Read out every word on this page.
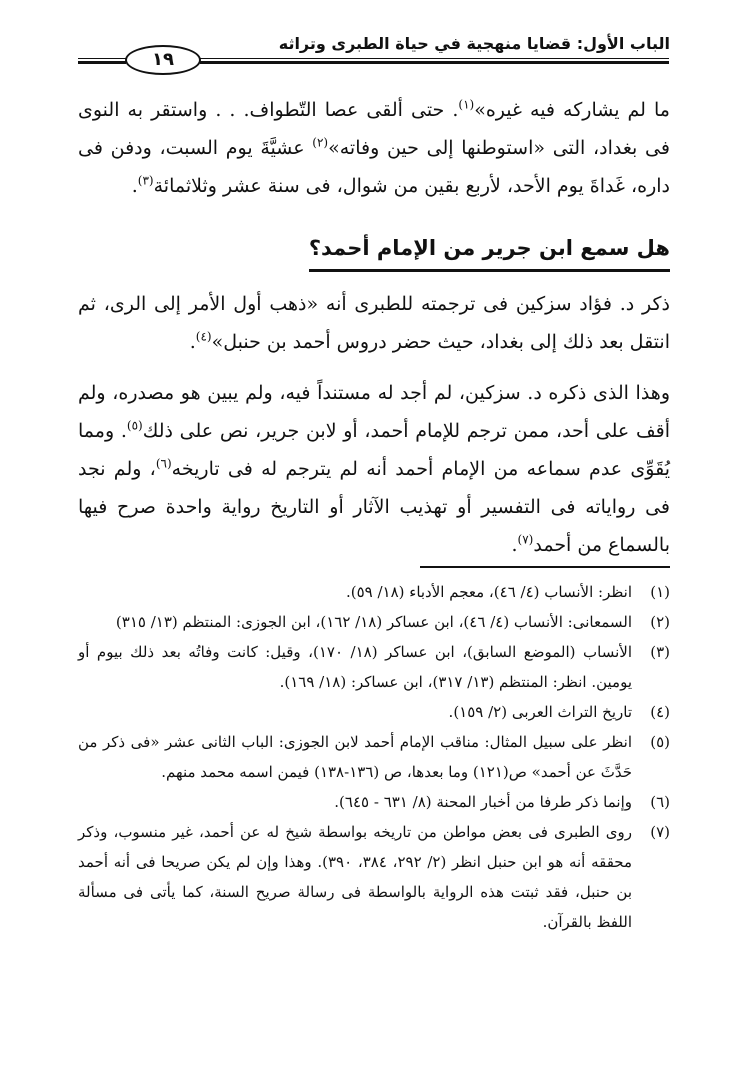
الباب الأول: قضايا منهجية في حياة الطبرى وتراثه
١٩
ما لم يشاركه فيه غيره»$^{(١)}$. حتى ألقى عصا التّطواف. . . واستقر به النوى فى بغداد، التى «استوطنها إلى حين وفاته»$^{(٢)}$ عشيَّةَ يوم السبت، ودفن فى داره، غَداةَ يوم الأحد، لأربع بقين من شوال، فى سنة عشر وثلاثمائة$^{(٣)}$.
هل سمع ابن جرير من الإمام أحمد؟
ذكر د. فؤاد سزكين فى ترجمته للطبرى أنه «ذهب أول الأمر إلى الرى، ثم انتقل بعد ذلك إلى بغداد، حيث حضر دروس أحمد بن حنبل»$^{(٤)}$.
وهذا الذى ذكره د. سزكين، لم أجد له مستنداً فيه، ولم يبين هو مصدره، ولم أقف على أحد، ممن ترجم للإمام أحمد، أو لابن جرير، نص على ذلك$^{(٥)}$. ومما يُقَوِّى عدم سماعه من الإمام أحمد أنه لم يترجم له فى تاريخه$^{(٦)}$، ولم نجد فى رواياته فى التفسير أو تهذيب الآثار أو التاريخ رواية واحدة صرح فيها بالسماع من أحمد$^{(٧)}$.
(١)
انظر: الأنساب (٤/ ٤٦)، معجم الأدباء (١٨/ ٥٩).
(٢)
السمعانى: الأنساب (٤/ ٤٦)، ابن عساكر (١٨/ ١٦٢)، ابن الجوزى: المنتظم (١٣/ ٣١٥)
(٣)
الأنساب (الموضع السابق)، ابن عساكر (١٨/ ١٧٠)، وقيل: كانت وفاتُه بعد ذلك بيوم أو يومين. انظر: المنتظم (١٣/ ٣١٧)، ابن عساكر: (١٨/ ١٦٩).
(٤)
تاريخ التراث العربى (٢/ ١٥٩).
(٥)
انظر على سبيل المثال: مناقب الإمام أحمد لابن الجوزى: الباب الثانى عشر «فى ذكر من حَدَّثَ عن أحمد» ص(١٢١) وما بعدها، ص (١٣٦-١٣٨) فيمن اسمه محمد منهم.
(٦)
وإنما ذكر طرفا من أخبار المحنة (٨/ ٦٣١ - ٦٤٥).
(٧)
روى الطبرى فى بعض مواطن من تاريخه بواسطة شيخ له عن أحمد، غير منسوب، وذكر محققه أنه هو ابن حنبل انظر (٢/ ٢٩٢، ٣٨٤، ٣٩٠). وهذا وإن لم يكن صريحا فى أنه أحمد بن حنبل، فقد ثبتت هذه الرواية بالواسطة فى رسالة صريح السنة، كما يأتى فى مسألة اللفظ بالقرآن.
